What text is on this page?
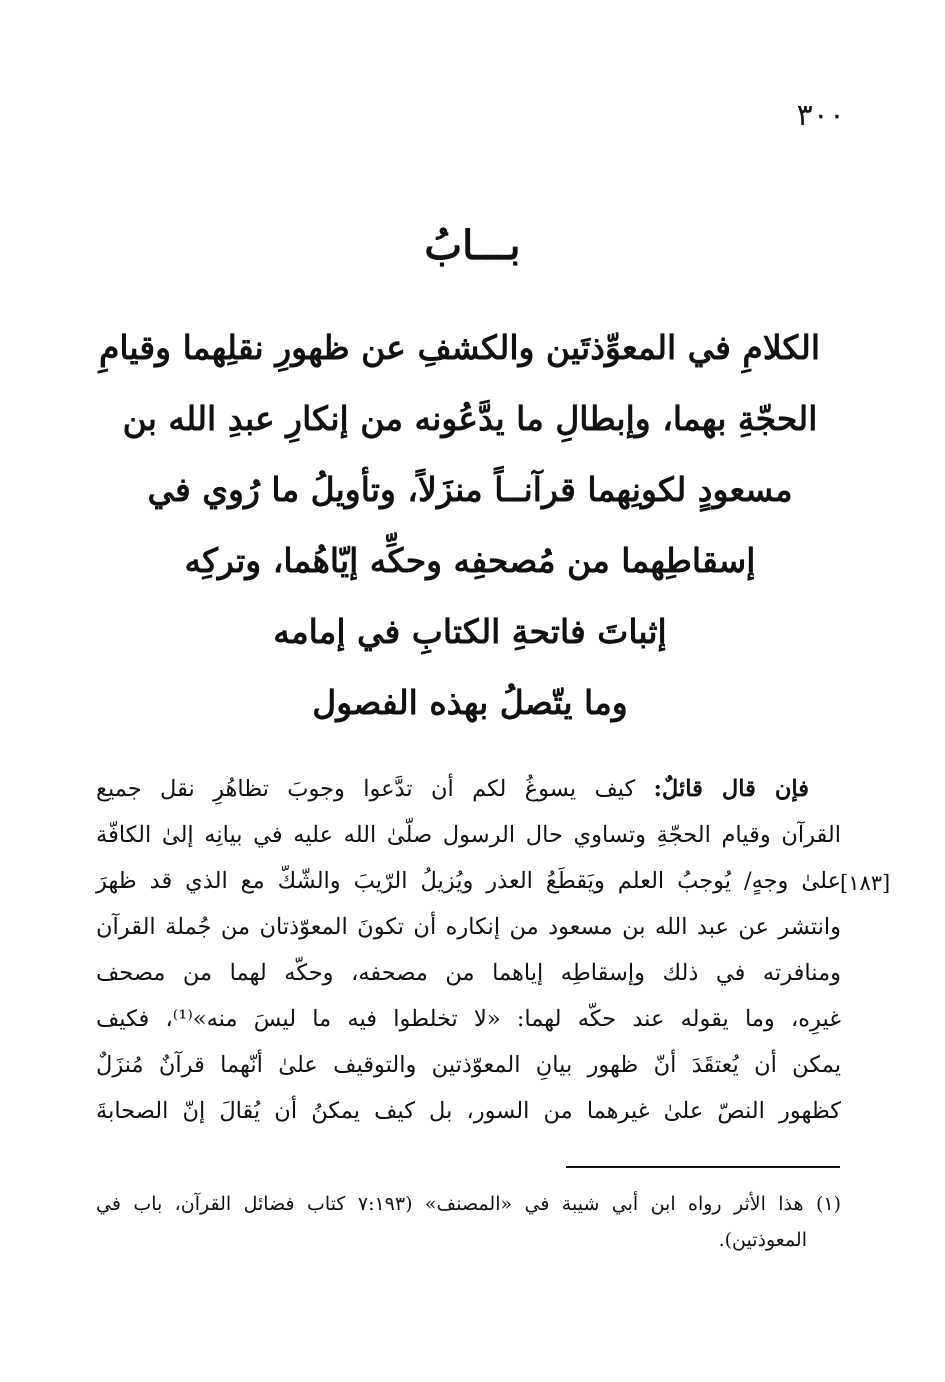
٣٠٠
بـــابُ
الكلامِ في المعوِّذتَين والكشفِ عن ظهورِ نقلِهما وقيامِ
الحجّةِ بهما، وإبطالِ ما يدَّعُونه من إنكارِ عبدِ الله بن
مسعودٍ لكونِهما قرآنــاً منزَلاً، وتأويلُ ما رُوي في
إسقاطِهما من مُصحفِه وحكِّه إيّاهُما، وتركِه
إثباتَ فاتحةِ الكتابِ في إمامه
وما يتّصلُ بهذه الفصول
[١٨٣]
فإن قال قائلٌ: كيف يسوغُ لكم أن تدَّعوا وجوبَ تظاهُرِ نقل جميع
القرآن وقيام الحجّةِ وتساوي حال الرسول صلّىٰ الله عليه في بيانِه إلىٰ الكافّة
علىٰ وجهٍ/ يُوجبُ العلم ويَقطَعُ العذر ويُزيلُ الرّيبَ والشّكّ مع الذي قد ظهرَ
وانتشر عن عبد الله بن مسعود من إنكاره أن تكونَ المعوّذتان من جُملة القرآن
ومنافرته في ذلك وإسقاطِه إياهما من مصحفه، وحكّه لهما من مصحف
غيرِه، وما يقوله عند حكّه لهما: «لا تخلطوا فيه ما ليسَ منه»⁽¹⁾، فكيف
يمكن أن يُعتقَدَ أنّ ظهور بيانِ المعوّذتين والتوقيف علىٰ أنّهما قرآنٌ مُنزَلٌ
كظهور النصّ علىٰ غيرهما من السور، بل كيف يمكنُ أن يُقالَ إنّ الصحابةَ
(١) هذا الأثر رواه ابن أبي شيبة في «المصنف» (٧:١٩٣ كتاب فضائل القرآن، باب في
المعوذتين).
